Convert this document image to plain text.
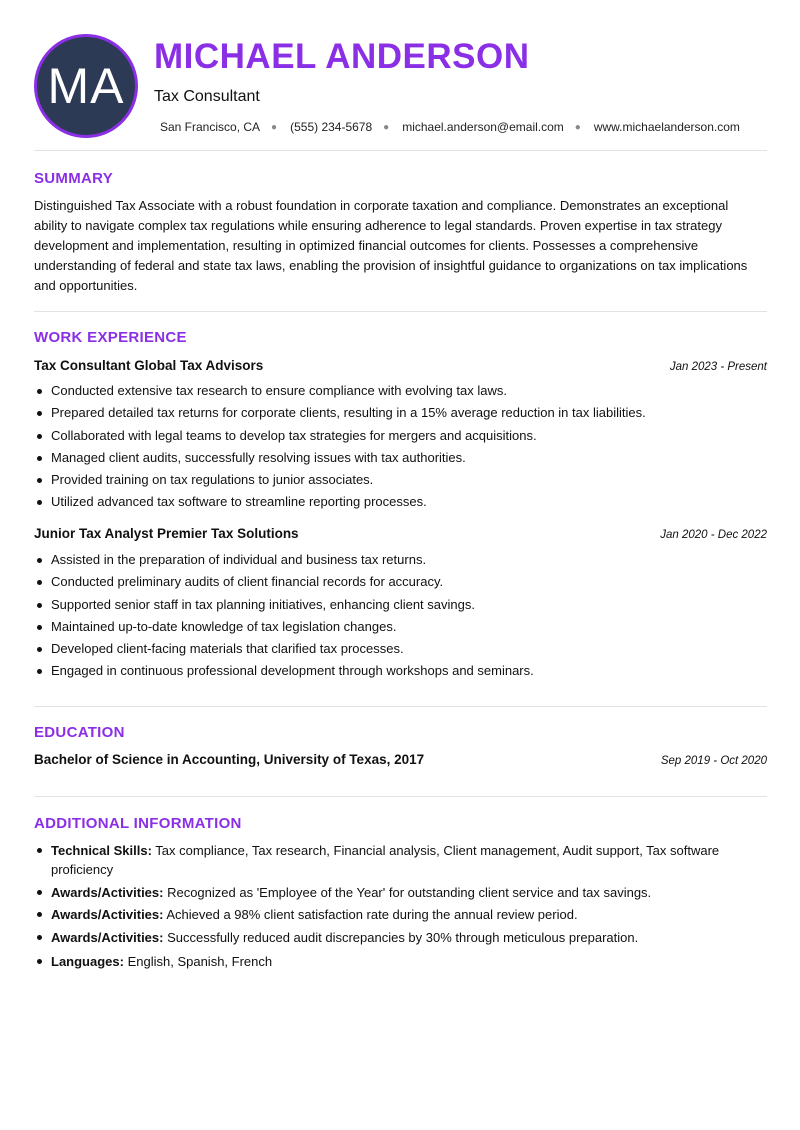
MA
MICHAEL ANDERSON
Tax Consultant
San Francisco, CA ● (555) 234-5678 ● michael.anderson@email.com ● www.michaelanderson.com
SUMMARY
Distinguished Tax Associate with a robust foundation in corporate taxation and compliance. Demonstrates an exceptional ability to navigate complex tax regulations while ensuring adherence to legal standards. Proven expertise in tax strategy development and implementation, resulting in optimized financial outcomes for clients. Possesses a comprehensive understanding of federal and state tax laws, enabling the provision of insightful guidance to organizations on tax implications and opportunities.
WORK EXPERIENCE
Tax Consultant Global Tax Advisors	Jan 2023 - Present
Conducted extensive tax research to ensure compliance with evolving tax laws.
Prepared detailed tax returns for corporate clients, resulting in a 15% average reduction in tax liabilities.
Collaborated with legal teams to develop tax strategies for mergers and acquisitions.
Managed client audits, successfully resolving issues with tax authorities.
Provided training on tax regulations to junior associates.
Utilized advanced tax software to streamline reporting processes.
Junior Tax Analyst Premier Tax Solutions	Jan 2020 - Dec 2022
Assisted in the preparation of individual and business tax returns.
Conducted preliminary audits of client financial records for accuracy.
Supported senior staff in tax planning initiatives, enhancing client savings.
Maintained up-to-date knowledge of tax legislation changes.
Developed client-facing materials that clarified tax processes.
Engaged in continuous professional development through workshops and seminars.
EDUCATION
Bachelor of Science in Accounting, University of Texas, 2017	Sep 2019 - Oct 2020
ADDITIONAL INFORMATION
Technical Skills: Tax compliance, Tax research, Financial analysis, Client management, Audit support, Tax software proficiency
Awards/Activities: Recognized as 'Employee of the Year' for outstanding client service and tax savings.
Awards/Activities: Achieved a 98% client satisfaction rate during the annual review period.
Awards/Activities: Successfully reduced audit discrepancies by 30% through meticulous preparation.
Languages: English, Spanish, French
